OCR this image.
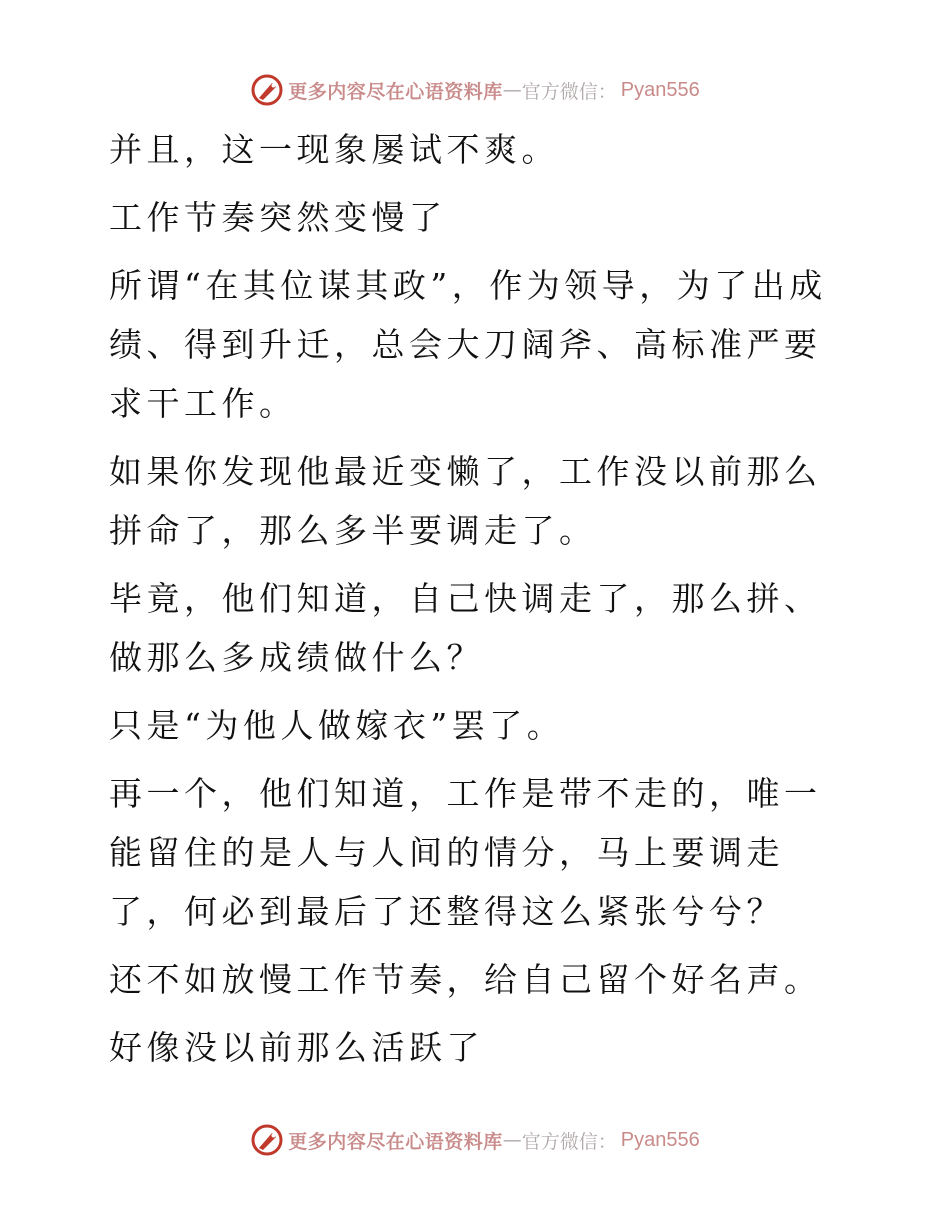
更多内容尽在心语资料库 — 官方微信： Pyan556

并且，这一现象屡试不爽。

工作节奏突然变慢了

所谓“在其位谋其政”，作为领导，为了出成绩、得到升迁，总会大刀阔斧、高标准严要求干工作。

如果你发现他最近变懒了，工作没以前那么拼命了，那么多半要调走了。

毕竟，他们知道，自己快调走了，那么拼、做那么多成绩做什么？

只是“为他人做嫁衣”罢了。

再一个，他们知道，工作是带不走的，唯一能留住的是人与人间的情分，马上要调走了，何必到最后了还整得这么紧张兮兮？

还不如放慢工作节奏，给自己留个好名声。

好像没以前那么活跃了

更多内容尽在心语资料库 — 官方微信： Pyan556
